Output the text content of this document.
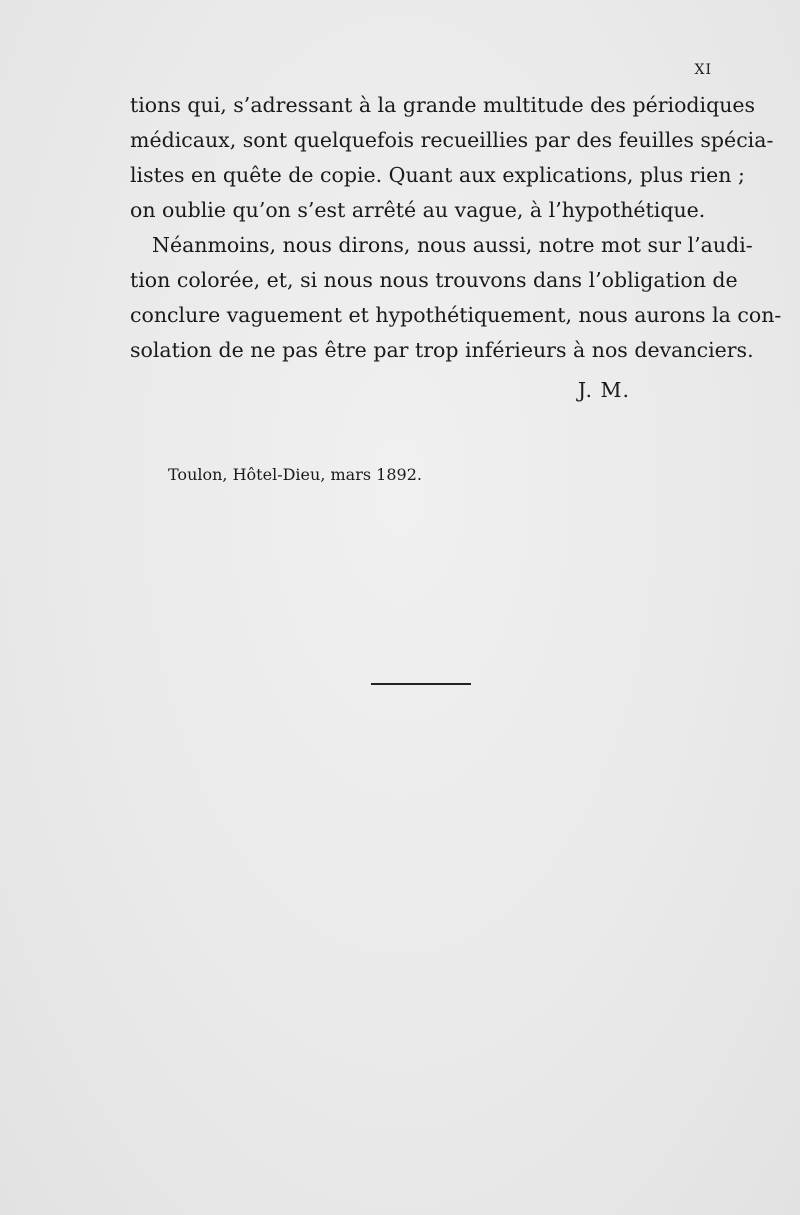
XI

tions qui, s’adressant à la grande multitude des périodiques
médicaux, sont quelquefois recueillies par des feuilles spécia-
listes en quête de copie. Quant aux explications, plus rien ;
on oublie qu’on s’est arrêté au vague, à l’hypothétique.

Néanmoins, nous dirons, nous aussi, notre mot sur l’audi-
tion colorée, et, si nous nous trouvons dans l’obligation de
conclure vaguement et hypothétiquement, nous aurons la con-
solation de ne pas être par trop inférieurs à nos devanciers.

J. M.
Toulon, Hôtel-Dieu, mars 1892.
